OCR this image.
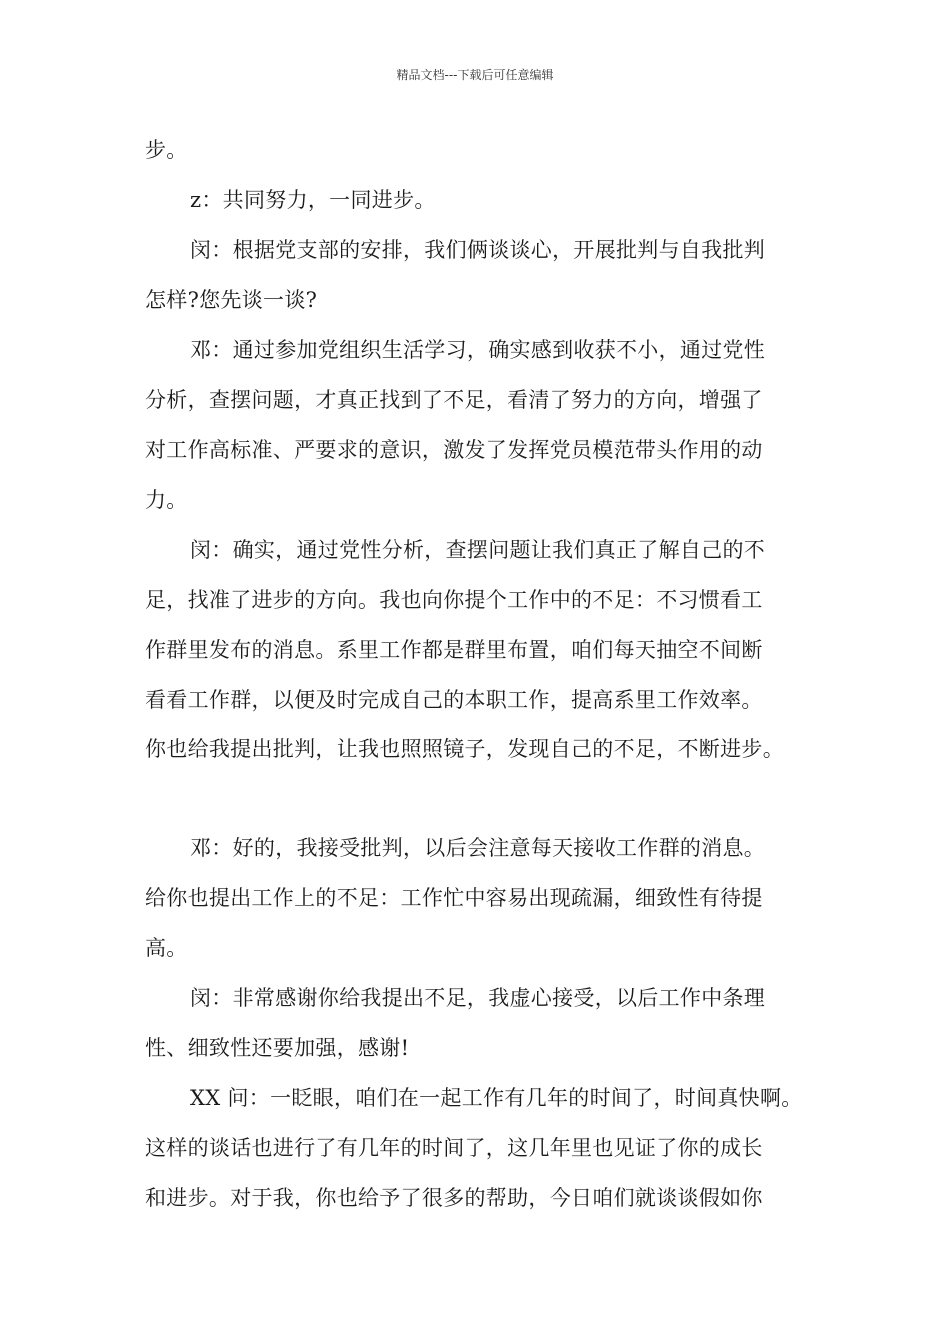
精品文档---下载后可任意编辑
步。
z：共同努力，一同进步。
闵：根据党支部的安排，我们俩谈谈心，开展批判与自我批判
怎样?您先谈一谈?
邓：通过参加党组织生活学习，确实感到收获不小，通过党性
分析，查摆问题，才真正找到了不足，看清了努力的方向，增强了
对工作高标准、严要求的意识，激发了发挥党员模范带头作用的动
力。
闵：确实，通过党性分析，查摆问题让我们真正了解自己的不
足，找准了进步的方向。我也向你提个工作中的不足：不习惯看工
作群里发布的消息。系里工作都是群里布置，咱们每天抽空不间断
看看工作群，以便及时完成自己的本职工作，提高系里工作效率。
你也给我提出批判，让我也照照镜子，发现自己的不足，不断进步。
邓：好的，我接受批判，以后会注意每天接收工作群的消息。
给你也提出工作上的不足：工作忙中容易出现疏漏，细致性有待提
高。
闵：非常感谢你给我提出不足，我虚心接受，以后工作中条理
性、细致性还要加强，感谢!
XX 问：一眨眼，咱们在一起工作有几年的时间了，时间真快啊。
这样的谈话也进行了有几年的时间了，这几年里也见证了你的成长
和进步。对于我，你也给予了很多的帮助，今日咱们就谈谈假如你
